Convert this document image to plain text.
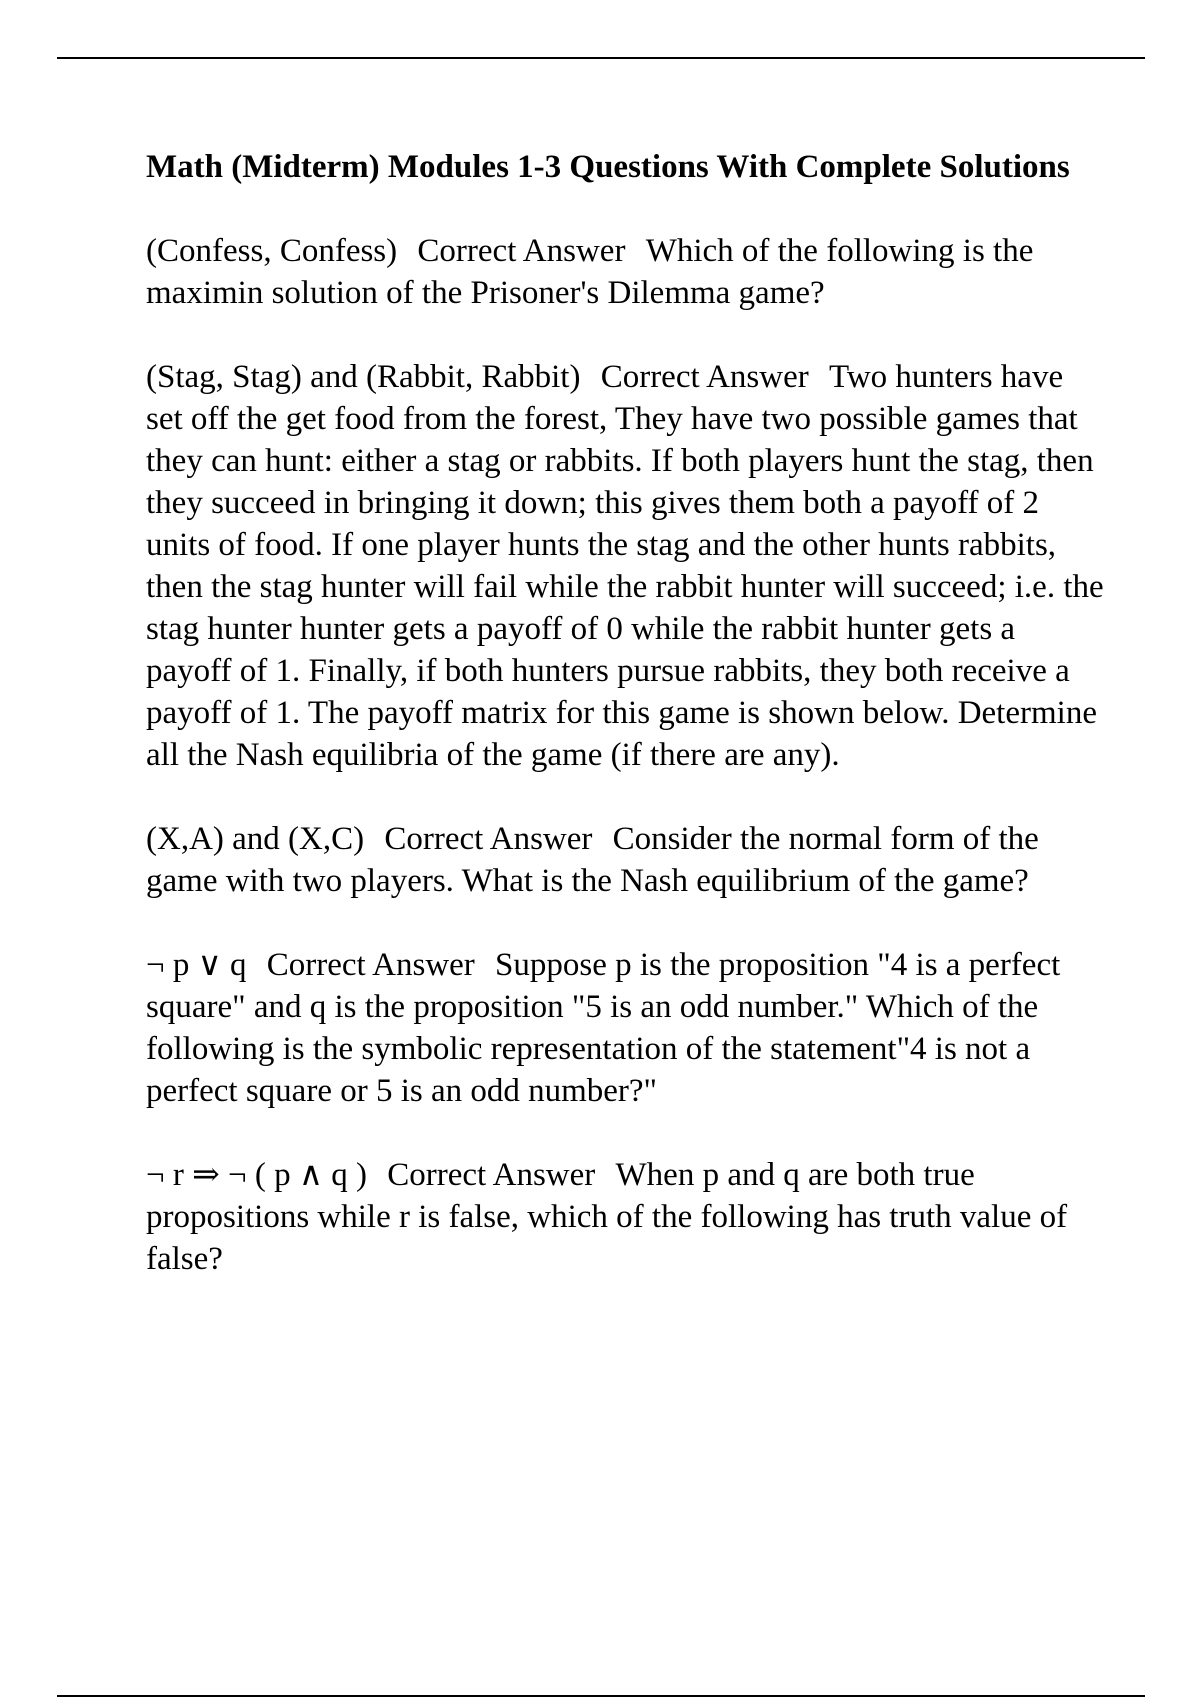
Math (Midterm) Modules 1-3 Questions With Complete Solutions

(Confess, Confess) Correct Answer Which of the following is the maximin solution of the Prisoner's Dilemma game?

(Stag, Stag) and (Rabbit, Rabbit) Correct Answer Two hunters have set off the get food from the forest, They have two possible games that they can hunt: either a stag or rabbits. If both players hunt the stag, then they succeed in bringing it down; this gives them both a payoff of 2 units of food. If one player hunts the stag and the other hunts rabbits, then the stag hunter will fail while the rabbit hunter will succeed; i.e. the stag hunter hunter gets a payoff of 0 while the rabbit hunter gets a payoff of 1. Finally, if both hunters pursue rabbits, they both receive a payoff of 1. The payoff matrix for this game is shown below. Determine all the Nash equilibria of the game (if there are any).

(X,A) and (X,C) Correct Answer Consider the normal form of the game with two players. What is the Nash equilibrium of the game?

¬ p ∨ q Correct Answer Suppose p is the proposition "4 is a perfect square" and q is the proposition "5 is an odd number." Which of the following is the symbolic representation of the statement"4 is not a perfect square or 5 is an odd number?"

¬ r ⇒ ¬ ( p ∧ q ) Correct Answer When p and q are both true propositions while r is false, which of the following has truth value of false?
